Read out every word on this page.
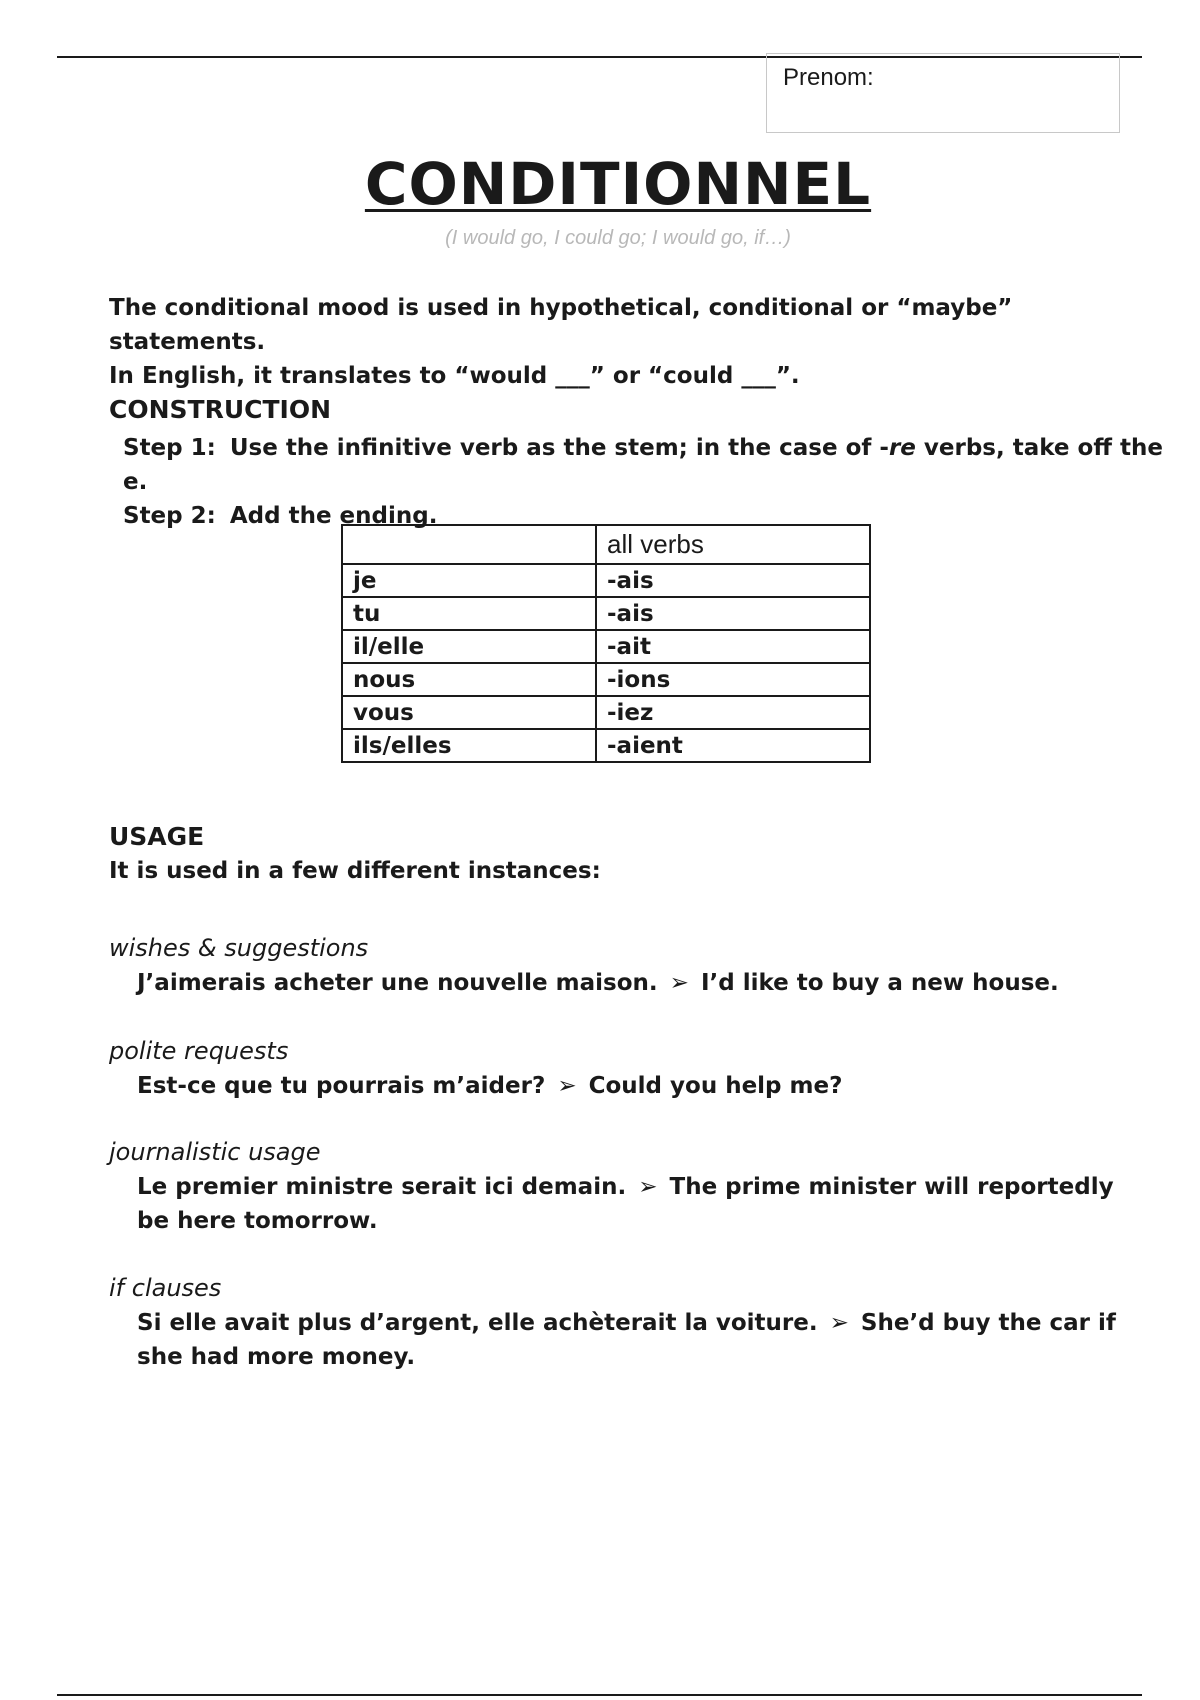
Prenom:
CONDITIONNEL
(I would go, I could go; I would go, if…)

The conditional mood is used in hypothetical, conditional or “maybe” statements.

In English, it translates to “would ___” or “could ___”.

CONSTRUCTION

Step 1: Use the infinitive verb as the stem; in the case of -re verbs, take off the e.

Step 2: Add the ending.

	all verbs
je	-ais
tu	-ais
il/elle	-ait
nous	-ions
vous	-iez
ils/elles	-aient
USAGE
It is used in a few different instances:

wishes & suggestions

J’aimerais acheter une nouvelle maison. ➢ I’d like to buy a new house.

polite requests

Est-ce que tu pourrais m’aider? ➢ Could you help me?

journalistic usage

Le premier ministre serait ici demain. ➢ The prime minister will reportedly be here tomorrow.

if clauses

Si elle avait plus d’argent, elle achèterait la voiture. ➢ She’d buy the car if she had more money.
